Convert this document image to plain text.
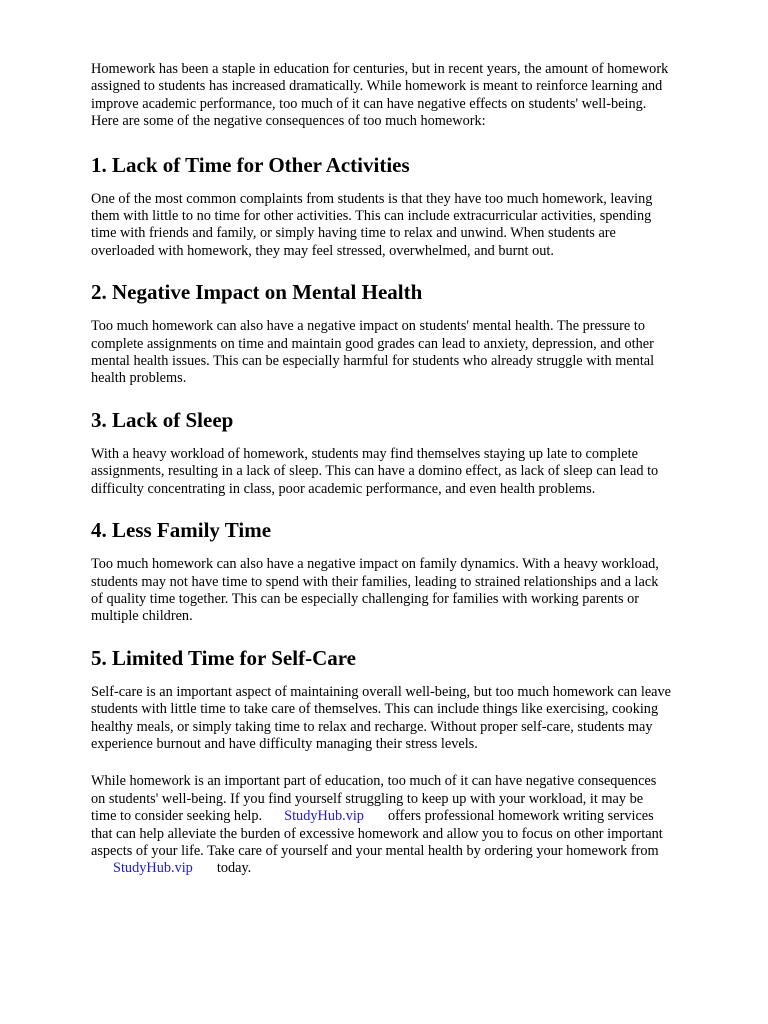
Homework has been a staple in education for centuries, but in recent years, the amount of homework
assigned to students has increased dramatically. While homework is meant to reinforce learning and
improve academic performance, too much of it can have negative effects on students' well-being.
Here are some of the negative consequences of too much homework:

1. Lack of Time for Other Activities

One of the most common complaints from students is that they have too much homework, leaving
them with little to no time for other activities. This can include extracurricular activities, spending
time with friends and family, or simply having time to relax and unwind. When students are
overloaded with homework, they may feel stressed, overwhelmed, and burnt out.

2. Negative Impact on Mental Health

Too much homework can also have a negative impact on students' mental health. The pressure to
complete assignments on time and maintain good grades can lead to anxiety, depression, and other
mental health issues. This can be especially harmful for students who already struggle with mental
health problems.

3. Lack of Sleep

With a heavy workload of homework, students may find themselves staying up late to complete
assignments, resulting in a lack of sleep. This can have a domino effect, as lack of sleep can lead to
difficulty concentrating in class, poor academic performance, and even health problems.

4. Less Family Time

Too much homework can also have a negative impact on family dynamics. With a heavy workload,
students may not have time to spend with their families, leading to strained relationships and a lack
of quality time together. This can be especially challenging for families with working parents or
multiple children.

5. Limited Time for Self-Care

Self-care is an important aspect of maintaining overall well-being, but too much homework can leave
students with little time to take care of themselves. This can include things like exercising, cooking
healthy meals, or simply taking time to relax and recharge. Without proper self-care, students may
experience burnout and have difficulty managing their stress levels.

While homework is an important part of education, too much of it can have negative consequences
on students' well-being. If you find yourself struggling to keep up with your workload, it may be
time to consider seeking help. StudyHub.vip offers professional homework writing services
that can help alleviate the burden of excessive homework and allow you to focus on other important
aspects of your life. Take care of yourself and your mental health by ordering your homework from
StudyHub.vip today.
